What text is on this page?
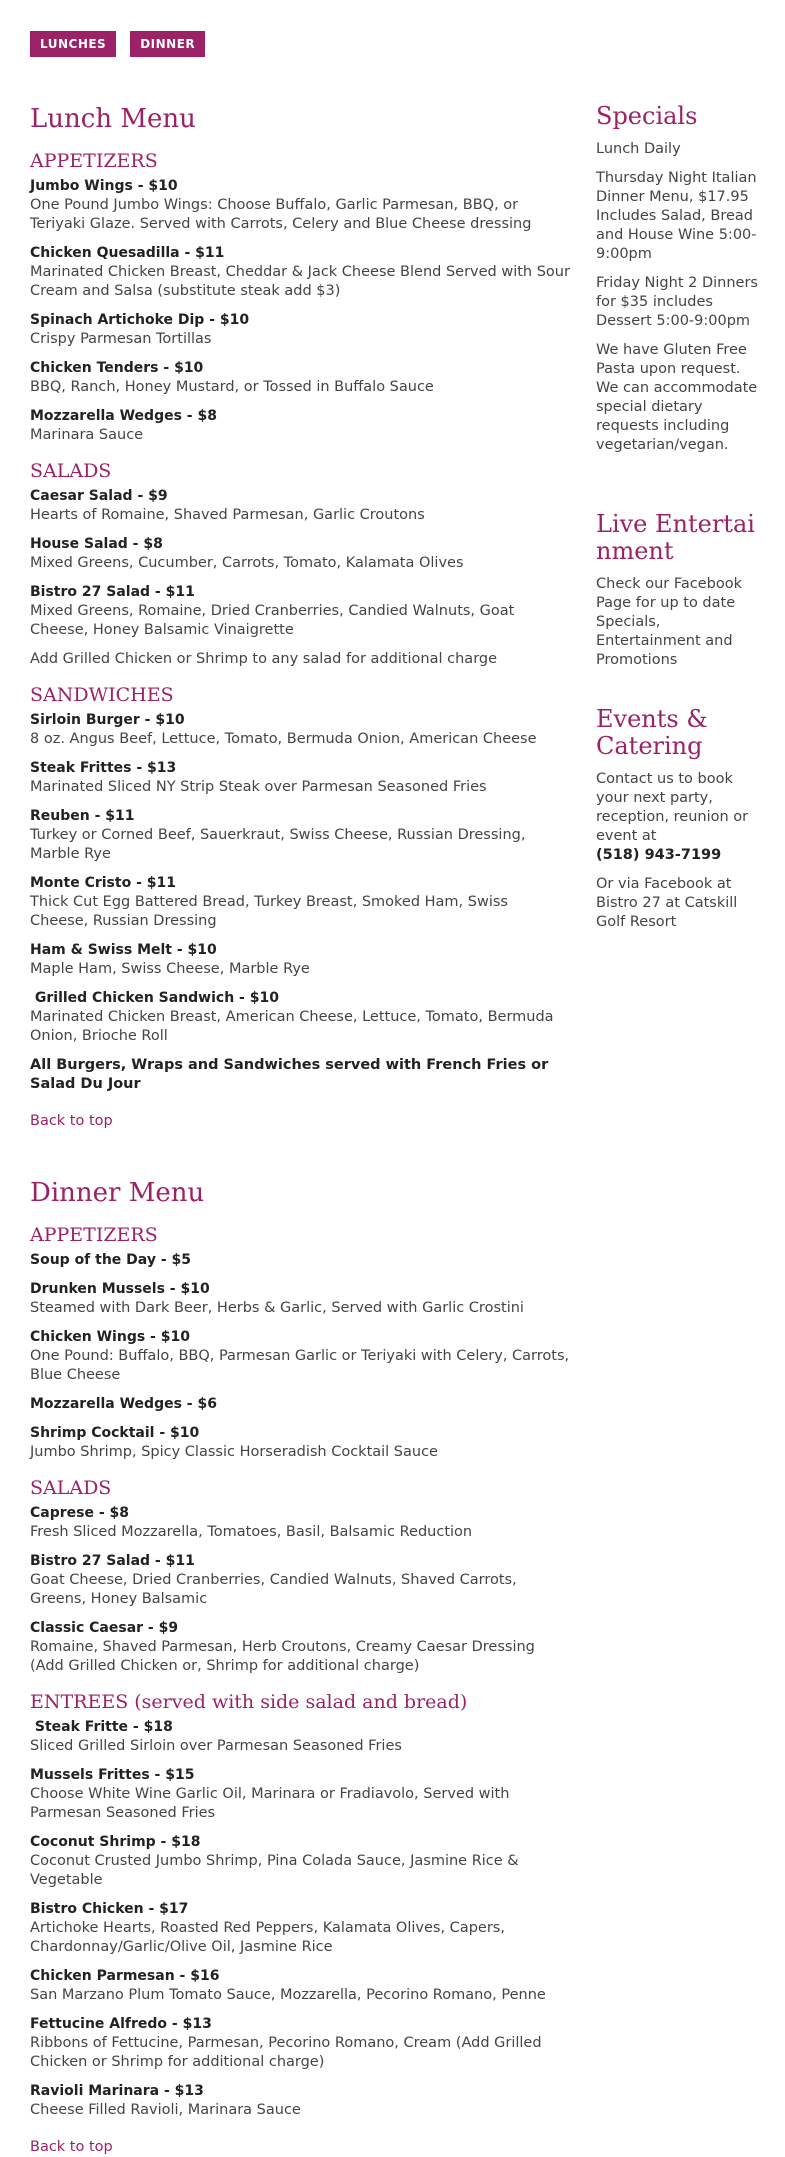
LUNCHES	DINNER
Lunch Menu
APPETIZERS
Jumbo Wings - $10
One Pound Jumbo Wings: Choose Buffalo, Garlic Parmesan, BBQ, or Teriyaki Glaze. Served with Carrots, Celery and Blue Cheese dressing
Chicken Quesadilla - $11
Marinated Chicken Breast, Cheddar & Jack Cheese Blend Served with Sour Cream and Salsa (substitute steak add $3)
Spinach Artichoke Dip - $10
Crispy Parmesan Tortillas
Chicken Tenders - $10
BBQ, Ranch, Honey Mustard, or Tossed in Buffalo Sauce
Mozzarella Wedges - $8
Marinara Sauce
SALADS
Caesar Salad - $9
Hearts of Romaine, Shaved Parmesan, Garlic Croutons
House Salad - $8
Mixed Greens, Cucumber, Carrots, Tomato, Kalamata Olives
Bistro 27 Salad - $11
Mixed Greens, Romaine, Dried Cranberries, Candied Walnuts, Goat Cheese, Honey Balsamic Vinaigrette

Add Grilled Chicken or Shrimp to any salad for additional charge

SANDWICHES
Sirloin Burger - $10
8 oz. Angus Beef, Lettuce, Tomato, Bermuda Onion, American Cheese
Steak Frittes - $13
Marinated Sliced NY Strip Steak over Parmesan Seasoned Fries
Reuben - $11
Turkey or Corned Beef, Sauerkraut, Swiss Cheese, Russian Dressing, Marble Rye
Monte Cristo - $11
Thick Cut Egg Battered Bread, Turkey Breast, Smoked Ham, Swiss Cheese, Russian Dressing
Ham & Swiss Melt - $10
Maple Ham, Swiss Cheese, Marble Rye
Grilled Chicken Sandwich - $10
Marinated Chicken Breast, American Cheese, Lettuce, Tomato, Bermuda Onion, Brioche Roll

All Burgers, Wraps and Sandwiches served with French Fries or Salad Du Jour

Back to top
Dinner Menu
APPETIZERS
Soup of the Day - $5
Drunken Mussels - $10
Steamed with Dark Beer, Herbs & Garlic, Served with Garlic Crostini
Chicken Wings - $10
One Pound: Buffalo, BBQ, Parmesan Garlic or Teriyaki with Celery, Carrots, Blue Cheese
Mozzarella Wedges - $6
Shrimp Cocktail - $10
Jumbo Shrimp, Spicy Classic Horseradish Cocktail Sauce
SALADS
Caprese - $8
Fresh Sliced Mozzarella, Tomatoes, Basil, Balsamic Reduction
Bistro 27 Salad - $11
Goat Cheese, Dried Cranberries, Candied Walnuts, Shaved Carrots, Greens, Honey Balsamic
Classic Caesar - $9
Romaine, Shaved Parmesan, Herb Croutons, Creamy Caesar Dressing (Add Grilled Chicken or, Shrimp for additional charge)
ENTREES (served with side salad and bread)
Steak Fritte - $18
Sliced Grilled Sirloin over Parmesan Seasoned Fries
Mussels Frittes - $15
Choose White Wine Garlic Oil, Marinara or Fradiavolo, Served with Parmesan Seasoned Fries
Coconut Shrimp - $18
Coconut Crusted Jumbo Shrimp, Pina Colada Sauce, Jasmine Rice & Vegetable
Bistro Chicken - $17
Artichoke Hearts, Roasted Red Peppers, Kalamata Olives, Capers, Chardonnay/Garlic/Olive Oil, Jasmine Rice
Chicken Parmesan - $16
San Marzano Plum Tomato Sauce, Mozzarella, Pecorino Romano, Penne
Fettucine Alfredo - $13
Ribbons of Fettucine, Parmesan, Pecorino Romano, Cream (Add Grilled Chicken or Shrimp for additional charge)
Ravioli Marinara - $13
Cheese Filled Ravioli, Marinara Sauce
Back to top
Specials

Lunch Daily

Thursday Night Italian Dinner Menu, $17.95 Includes Salad, Bread and House Wine 5:00-9:00pm

Friday Night 2 Dinners for $35 includes Dessert 5:00-9:00pm

We have Gluten Free Pasta upon request. We can accommodate special dietary requests including vegetarian/vegan.

Live Entertainment

Check our Facebook Page for up to date Specials, Entertainment and Promotions

Events & Catering

Contact us to book your next party, reception, reunion or event at
(518) 943-7199

Or via Facebook at Bistro 27 at Catskill Golf Resort
